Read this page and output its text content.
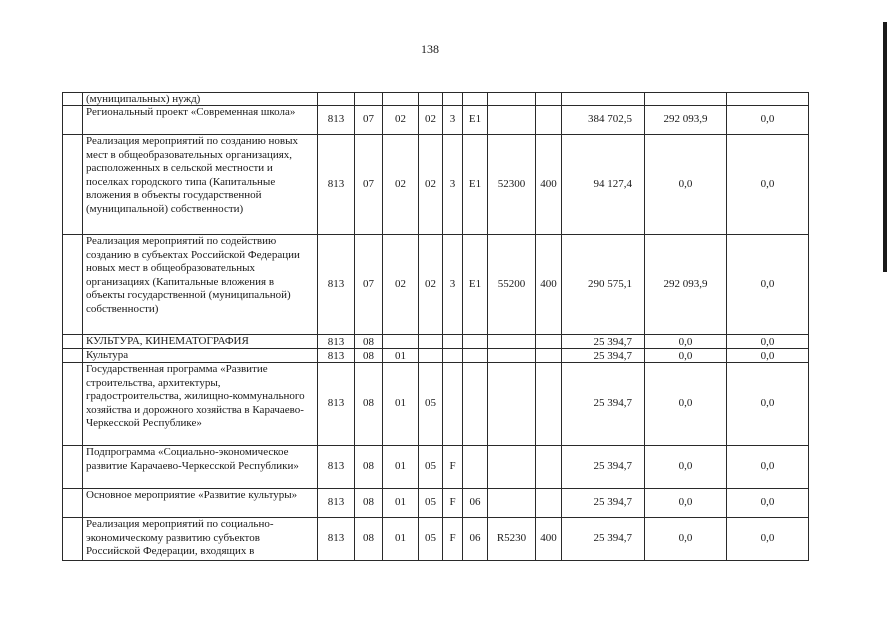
138
	(муниципальных) нужд)											
	Региональный проект «Современная школа»	813	07	02	02	3	E1			384 702,5	292 093,9	0,0
	Реализация мероприятий по созданию новых мест в общеобразовательных организациях, расположенных в сельской местности и поселках городского типа (Капитальные вложения в объекты государственной (муниципальной) собственности)	813	07	02	02	3	E1	52300	400	94 127,4	0,0	0,0
	Реализация мероприятий по содействию созданию в субъектах Российской Федерации новых мест в общеобразовательных организациях (Капитальные вложения в объекты государственной (муниципальной) собственности)	813	07	02	02	3	E1	55200	400	290 575,1	292 093,9	0,0
	КУЛЬТУРА, КИНЕМАТОГРАФИЯ	813	08							25 394,7	0,0	0,0
	Культура	813	08	01						25 394,7	0,0	0,0
	Государственная программа «Развитие строительства, архитектуры, градостроительства, жилищно-коммунального хозяйства и дорожного хозяйства в Карачаево-Черкесской Республике»	813	08	01	05					25 394,7	0,0	0,0
	Подпрограмма «Социально-экономическое развитие Карачаево-Черкесской Республики»	813	08	01	05	F				25 394,7	0,0	0,0
	Основное мероприятие «Развитие культуры»	813	08	01	05	F	06			25 394,7	0,0	0,0
	Реализация мероприятий по социально-экономическому развитию субъектов Российской Федерации, входящих в	813	08	01	05	F	06	R5230	400	25 394,7	0,0	0,0
